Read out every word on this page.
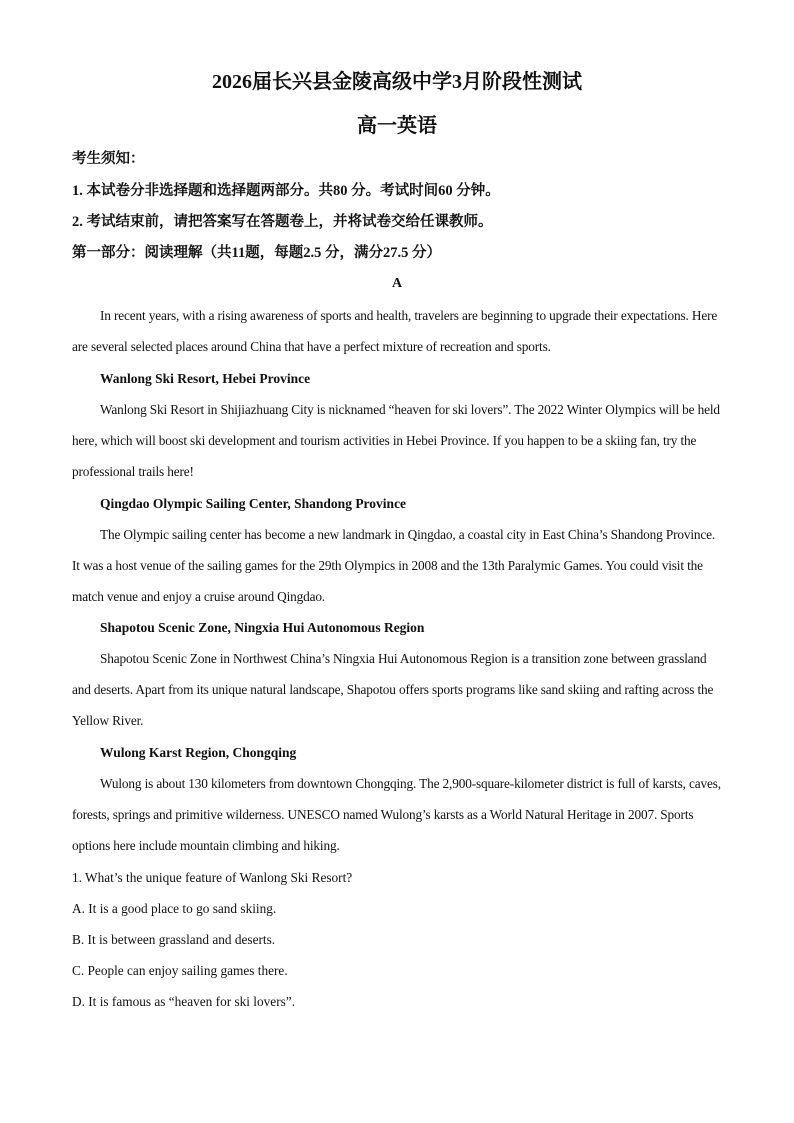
2026届长兴县金陵高级中学3月阶段性测试
高一英语
考生须知：
1. 本试卷分非选择题和选择题两部分。共80 分。考试时间60 分钟。
2. 考试结束前，请把答案写在答题卷上，并将试卷交给任课教师。
第一部分：阅读理解（共11题，每题2.5 分，满分27.5 分）
A

In recent years, with a rising awareness of sports and health, travelers are beginning to upgrade their expectations. Here are several selected places around China that have a perfect mixture of recreation and sports.

Wanlong Ski Resort, Hebei Province

Wanlong Ski Resort in Shijiazhuang City is nicknamed “heaven for ski lovers”. The 2022 Winter Olympics will be held here, which will boost ski development and tourism activities in Hebei Province. If you happen to be a skiing fan, try the professional trails here!

Qingdao Olympic Sailing Center, Shandong Province

The Olympic sailing center has become a new landmark in Qingdao, a coastal city in East China’s Shandong Province. It was a host venue of the sailing games for the 29th Olympics in 2008 and the 13th Paralymic Games. You could visit the match venue and enjoy a cruise around Qingdao.

Shapotou Scenic Zone, Ningxia Hui Autonomous Region

Shapotou Scenic Zone in Northwest China’s Ningxia Hui Autonomous Region is a transition zone between grassland and deserts. Apart from its unique natural landscape, Shapotou offers sports programs like sand skiing and rafting across the Yellow River.

Wulong Karst Region, Chongqing

Wulong is about 130 kilometers from downtown Chongqing. The 2,900-square-kilometer district is full of karsts, caves, forests, springs and primitive wilderness. UNESCO named Wulong’s karsts as a World Natural Heritage in 2007. Sports options here include mountain climbing and hiking.

1. What’s the unique feature of Wanlong Ski Resort?
A. It is a good place to go sand skiing.
B. It is between grassland and deserts.
C. People can enjoy sailing games there.
D. It is famous as “heaven for ski lovers”.
